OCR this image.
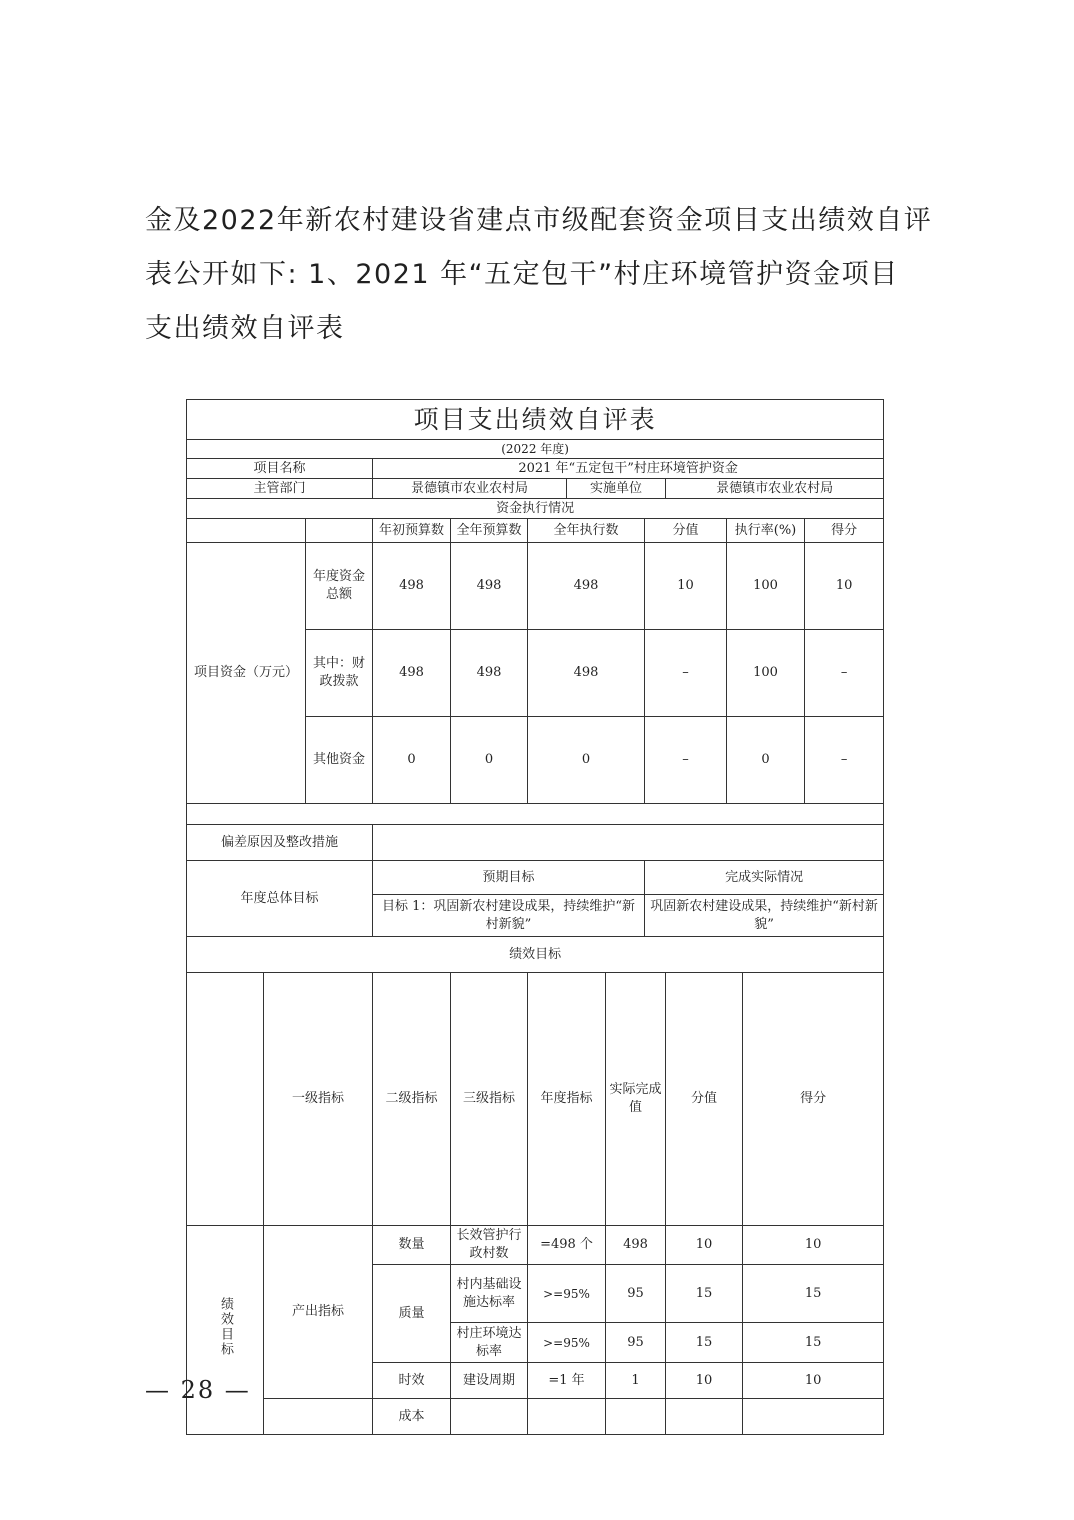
金及2022年新农村建设省建点市级配套资金项目支出绩效自评
表公开如下: 1、2021 年“五定包干”村庄环境管护资金项目
支出绩效自评表
项目支出绩效自评表													
(2022 年度)													
项目名称			2021 年“五定包干”村庄环境管护资金										
主管部门			景德镇市农业农村局			实施单位			景德镇市农业农村局				
资金执行情况													
			年初预算数	全年预算数	全年执行数			分值		执行率(%)		得分	
项目资金（万元）		年度资金总额	498	498	498			10		100		10	
		其中：财政拨款	498	498	498			–		100		–	
		其他资金	0	0	0			–		0		–	

偏差原因及整改措施													
年度总体目标			预期目标					完成实际情况					
			目标 1：巩固新农村建设成果，持续维护“新村新貌”					巩固新农村建设成果，持续维护“新村新貌”					
绩效目标													
	一级指标		二级指标	三级指标	年度指标		实际完成值		分值		得分	
绩效目标	产出指标		数量	长效管护行政村数	=498 个		498		10		10		
			质量	村内基础设施达标率	>=95%		95		15		15		
				村庄环境达标率	>=95%		95		15		15		
			时效	建设周期	=1 年		1		10		10		
			成本										
— 28 —
